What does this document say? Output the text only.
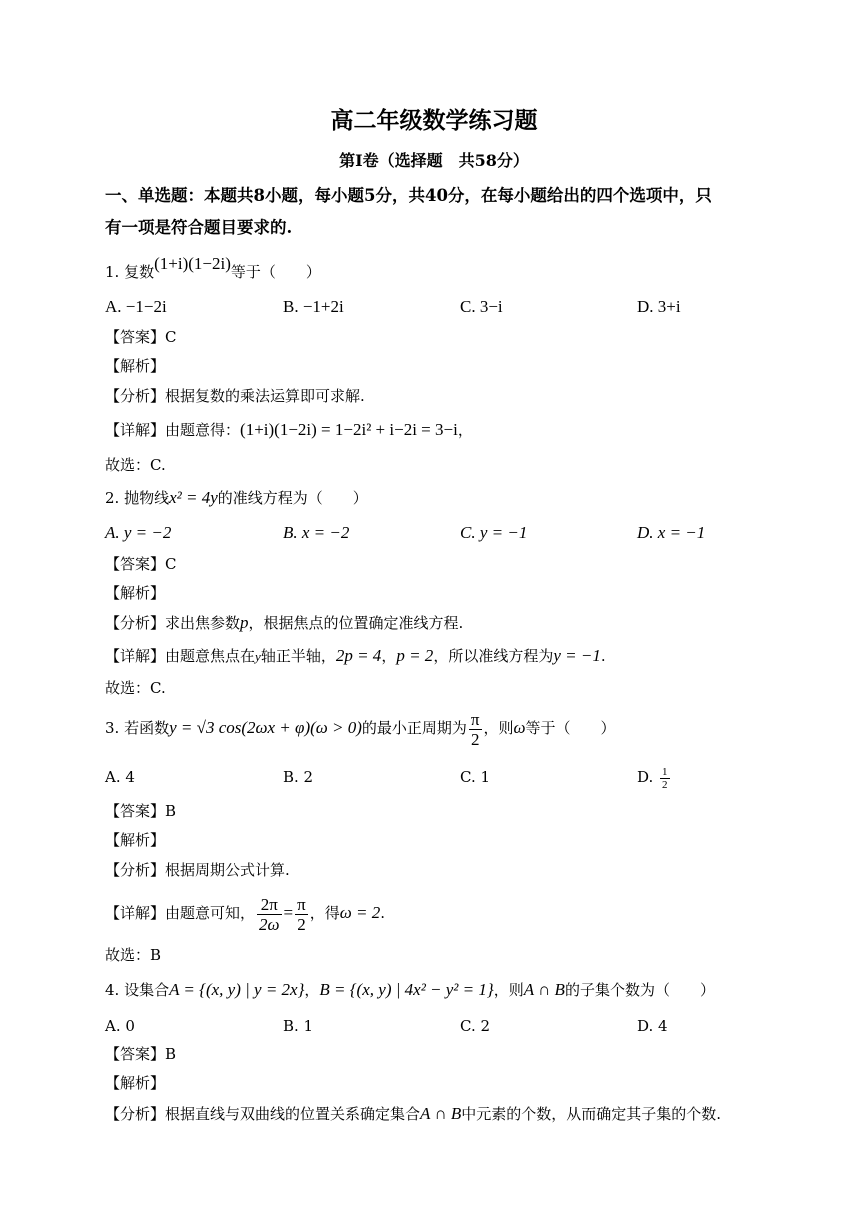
高二年级数学练习题
第Ⅰ卷（选择题　共58分）
一、单选题：本题共8小题，每小题5分，共40分，在每小题给出的四个选项中，只
有一项是符合题目要求的.
1. 复数(1+i)(1−2i)等于（　　）
A. −1−2i	B. −1+2i	C. 3−i	D. 3+i
【答案】C
【解析】
【分析】根据复数的乘法运算即可求解.
【详解】由题意得：(1+i)(1−2i) = 1−2i² + i−2i = 3−i，
故选：C.
2. 抛物线x² = 4y的准线方程为（　　）
A. y = −2	B. x = −2	C. y = −1	D. x = −1
【答案】C
【解析】
【分析】求出焦参数p，根据焦点的位置确定准线方程.
【详解】由题意焦点在y轴正半轴，2p = 4，p = 2，所以准线方程为y = −1.
故选：C.
3. 若函数y = √3 cos(2ωx + φ)(ω > 0)的最小正周期为 $\frac{\pi}{2}$ ，则ω等于（　　）
A. 4	B. 2	C. 1	D. $\frac{1}{2}$
【答案】B
【解析】
【分析】根据周期公式计算.
【详解】由题意可知， $\frac{2\pi}{2\omega} = \frac{\pi}{2}$ ，得ω = 2.
故选：B
4. 设集合A = {(x, y) | y = 2x}，B = {(x, y) | 4x² − y² = 1}，则A ∩ B的子集个数为（　　）
A. 0	B. 1	C. 2	D. 4
【答案】B
【解析】
【分析】根据直线与双曲线的位置关系确定集合A ∩ B中元素的个数，从而确定其子集的个数.
